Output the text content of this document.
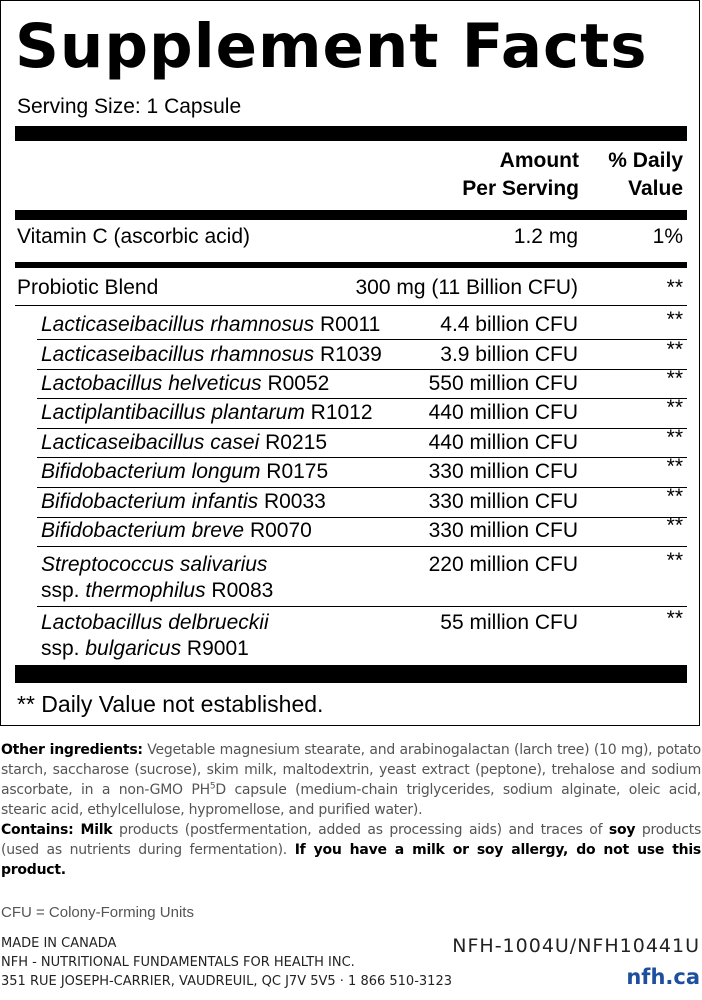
Supplement Facts
Serving Size: 1 Capsule
Amount
Per Serving
% Daily
Value
Vitamin C (ascorbic acid)	1.2 mg	1%
Probiotic Blend	300 mg (11 Billion CFU)	**
Lacticaseibacillus rhamnosus R0011	4.4 billion CFU	**
Lacticaseibacillus rhamnosus R1039	3.9 billion CFU	**
Lactobacillus helveticus R0052	550 million CFU	**
Lactiplantibacillus plantarum R1012	440 million CFU	**
Lacticaseibacillus casei R0215	440 million CFU	**
Bifidobacterium longum R0175	330 million CFU	**
Bifidobacterium infantis R0033	330 million CFU	**
Bifidobacterium breve R0070	330 million CFU	**
Streptococcus salivarius
ssp. thermophilus R0083
220 million CFU	**
Lactobacillus delbrueckii
ssp. bulgaricus R9001
55 million CFU	**
** Daily Value not established.
Other ingredients: Vegetable magnesium stearate, and arabinogalactan (larch tree) (10 mg), potato starch, saccharose (sucrose), skim milk, maltodextrin, yeast extract (peptone), trehalose and sodium ascorbate, in a non-GMO $PH^5D$ capsule (medium-chain triglycerides, sodium alginate, oleic acid, stearic acid, ethylcellulose, hypromellose, and purified water).
Contains: Milk products (postfermentation, added as processing aids) and traces of soy products (used as nutrients during fermentation). If you have a milk or soy allergy, do not use this product.
CFU = Colony-Forming Units
MADE IN CANADA
NFH - NUTRITIONAL FUNDAMENTALS FOR HEALTH INC.
351 RUE JOSEPH-CARRIER, VAUDREUIL, QC J7V 5V5 · 1 866 510-3123
NFH-1004U/NFH10441U
nfh.ca
